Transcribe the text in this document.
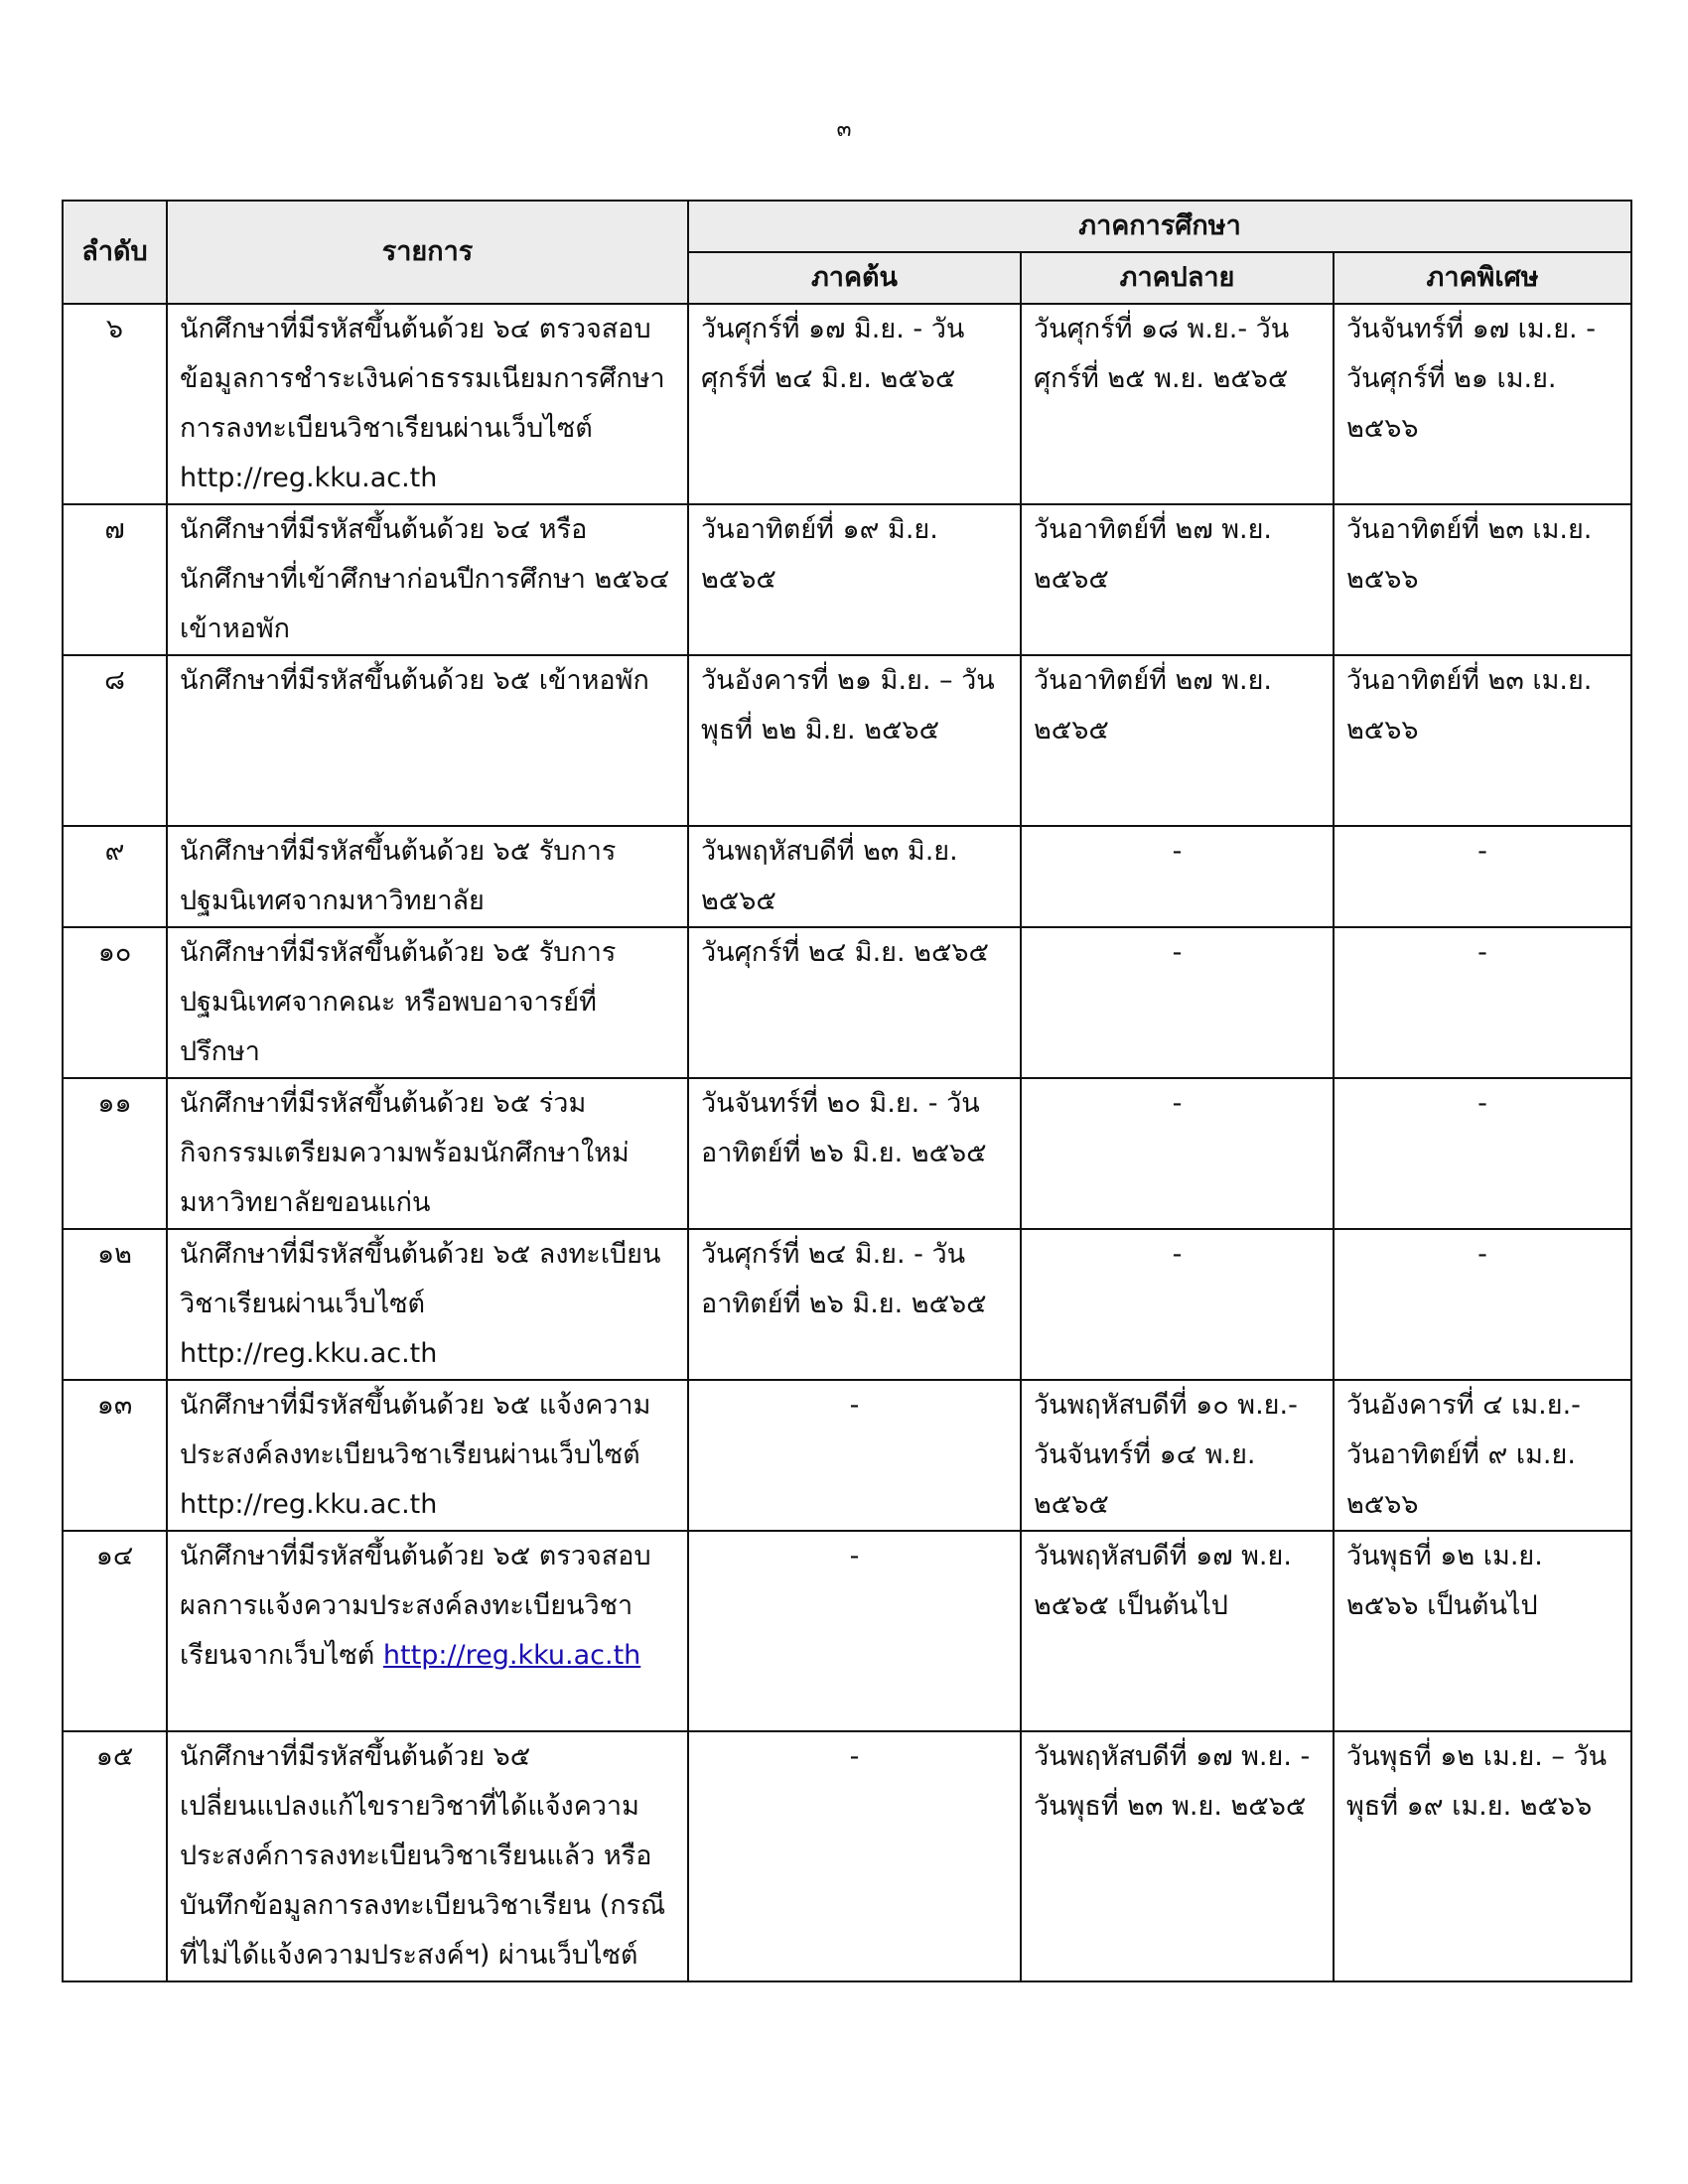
๓
ลำดับ	รายการ	ภาคการศึกษา		
		ภาคต้น	ภาคปลาย	ภาคพิเศษ
๖	นักศึกษาที่มีรหัสขึ้นต้นด้วย ๖๔ ตรวจสอบข้อมูลการชำระเงินค่าธรรมเนียมการศึกษา การลงทะเบียนวิชาเรียนผ่านเว็บไซต์ http://reg.kku.ac.th	วันศุกร์ที่ ๑๗ มิ.ย. - วันศุกร์ที่ ๒๔ มิ.ย. ๒๕๖๕	วันศุกร์ที่ ๑๘ พ.ย.- วันศุกร์ที่ ๒๕ พ.ย. ๒๕๖๕	วันจันทร์ที่ ๑๗ เม.ย. - วันศุกร์ที่ ๒๑ เม.ย. ๒๕๖๖
๗	นักศึกษาที่มีรหัสขึ้นต้นด้วย ๖๔ หรือนักศึกษาที่เข้าศึกษาก่อนปีการศึกษา ๒๕๖๔ เข้าหอพัก	วันอาทิตย์ที่ ๑๙ มิ.ย. ๒๕๖๕	วันอาทิตย์ที่ ๒๗ พ.ย. ๒๕๖๕	วันอาทิตย์ที่ ๒๓ เม.ย. ๒๕๖๖
๘	นักศึกษาที่มีรหัสขึ้นต้นด้วย ๖๕ เข้าหอพัก	วันอังคารที่ ๒๑ มิ.ย. – วันพุธที่ ๒๒ มิ.ย. ๒๕๖๕	วันอาทิตย์ที่ ๒๗ พ.ย. ๒๕๖๕	วันอาทิตย์ที่ ๒๓ เม.ย. ๒๕๖๖
๙	นักศึกษาที่มีรหัสขึ้นต้นด้วย ๖๕ รับการปฐมนิเทศจากมหาวิทยาลัย	วันพฤหัสบดีที่ ๒๓ มิ.ย. ๒๕๖๕	-	-
๑๐	นักศึกษาที่มีรหัสขึ้นต้นด้วย ๖๕ รับการปฐมนิเทศจากคณะ หรือพบอาจารย์ที่ปรึกษา	วันศุกร์ที่ ๒๔ มิ.ย. ๒๕๖๕	-	-
๑๑	นักศึกษาที่มีรหัสขึ้นต้นด้วย ๖๕ ร่วมกิจกรรมเตรียมความพร้อมนักศึกษาใหม่ มหาวิทยาลัยขอนแก่น	วันจันทร์ที่ ๒๐ มิ.ย. - วันอาทิตย์ที่ ๒๖ มิ.ย. ๒๕๖๕	-	-
๑๒	นักศึกษาที่มีรหัสขึ้นต้นด้วย ๖๕ ลงทะเบียนวิชาเรียนผ่านเว็บไซต์ http://reg.kku.ac.th	วันศุกร์ที่ ๒๔ มิ.ย. - วันอาทิตย์ที่ ๒๖ มิ.ย. ๒๕๖๕	-	-
๑๓	นักศึกษาที่มีรหัสขึ้นต้นด้วย ๖๕ แจ้งความประสงค์ลงทะเบียนวิชาเรียนผ่านเว็บไซต์ http://reg.kku.ac.th	-	วันพฤหัสบดีที่ ๑๐ พ.ย.- วันจันทร์ที่ ๑๔ พ.ย. ๒๕๖๕	วันอังคารที่ ๔ เม.ย.- วันอาทิตย์ที่ ๙ เม.ย. ๒๕๖๖
๑๔	นักศึกษาที่มีรหัสขึ้นต้นด้วย ๖๕ ตรวจสอบผลการแจ้งความประสงค์ลงทะเบียนวิชาเรียนจากเว็บไซต์ http://reg.kku.ac.th	-	วันพฤหัสบดีที่ ๑๗ พ.ย. ๒๕๖๕ เป็นต้นไป	วันพุธที่ ๑๒ เม.ย. ๒๕๖๖ เป็นต้นไป
๑๕	นักศึกษาที่มีรหัสขึ้นต้นด้วย ๖๕ เปลี่ยนแปลงแก้ไขรายวิชาที่ได้แจ้งความประสงค์การลงทะเบียนวิชาเรียนแล้ว หรือบันทึกข้อมูลการลงทะเบียนวิชาเรียน (กรณีที่ไม่ได้แจ้งความประสงค์ฯ) ผ่านเว็บไซต์	-	วันพฤหัสบดีที่ ๑๗ พ.ย. - วันพุธที่ ๒๓ พ.ย. ๒๕๖๕	วันพุธที่ ๑๒ เม.ย. – วันพุธที่ ๑๙ เม.ย. ๒๕๖๖
